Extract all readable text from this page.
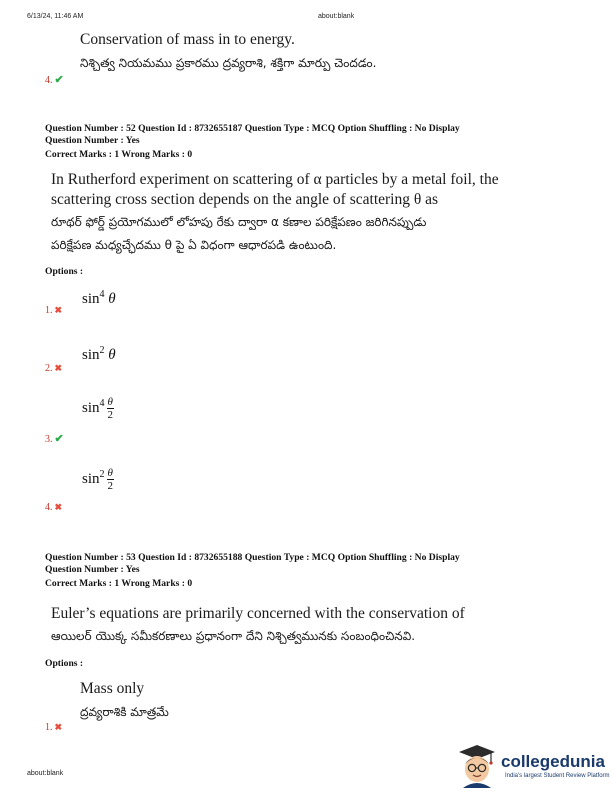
6/13/24, 11:46 AM	about:blank
Conservation of mass in to energy.
నిశ్చిత్వ నియమము ప్రకారము ద్రవ్యరాశి, శక్తిగా మార్పు చెందడం.
4. ✔
Question Number : 52 Question Id : 8732655187 Question Type : MCQ Option Shuffling : No Display
Question Number : Yes
Correct Marks : 1 Wrong Marks : 0
In Rutherford experiment on scattering of α particles by a metal foil, the
scattering cross section depends on the angle of scattering θ as
రూథర్ ఫోర్డ్ ప్రయోగములో లోహపు రేకు ద్వారా α కణాల పరిక్షేపణం జరిగినప్పుడు
పరిక్షేపణ మధ్యచ్ఛేదము θ పై ఏ విధంగా ఆధారపడి ఉంటుంది.
Options :
$\sin^4 \theta$
1. ✖
$\sin^2 \theta$
2. ✖
$\sin^4 \frac{\theta}{2}$
3. ✔
$\sin^2 \frac{\theta}{2}$
4. ✖
Question Number : 53 Question Id : 8732655188 Question Type : MCQ Option Shuffling : No Display
Question Number : Yes
Correct Marks : 1 Wrong Marks : 0
Euler’s equations are primarily concerned with the conservation of
ఆయిలర్ యొక్క సమీకరణాలు ప్రధానంగా దేని నిశ్చిత్వమునకు సంబంధించినవి.
Options :
Mass only
ద్రవ్యరాశికి మాత్రమే
1. ✖
about:blank
collegedunia
India's largest Student Review Platform
